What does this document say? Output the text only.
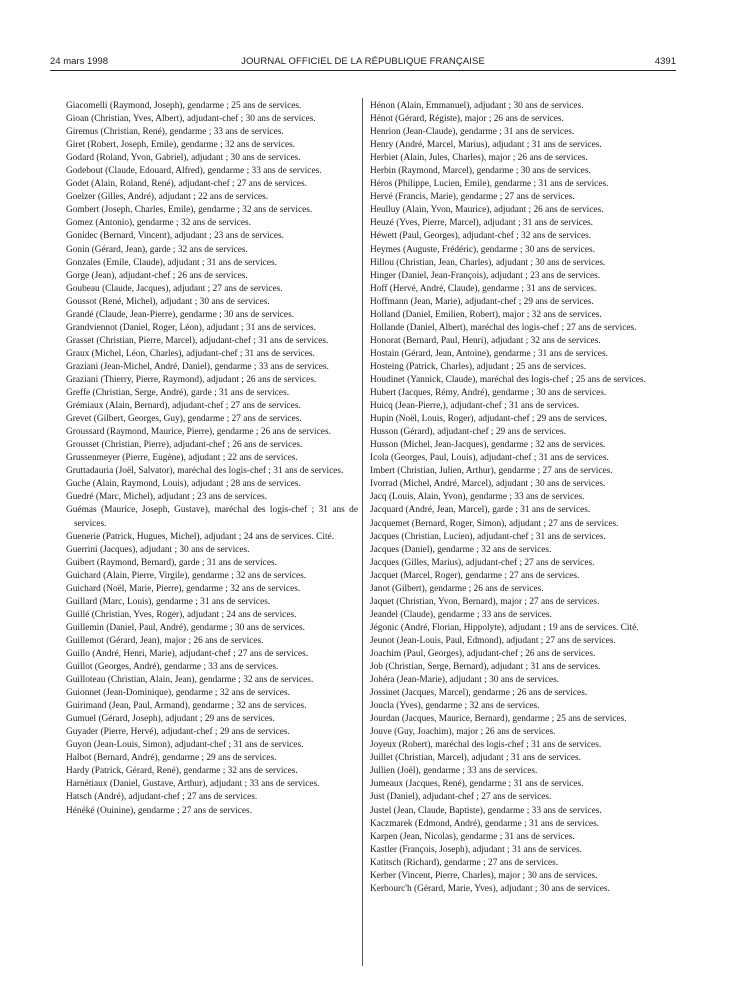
24 mars 1998	JOURNAL OFFICIEL DE LA RÉPUBLIQUE FRANÇAISE	4391

Giacomelli (Raymond, Joseph), gendarme ; 25 ans de services.

Gioan (Christian, Yves, Albert), adjudant-chef ; 30 ans de services.

Giremus (Christian, René), gendarme ; 33 ans de services.

Giret (Robert, Joseph, Emile), gendarme ; 32 ans de services.

Godard (Roland, Yvon, Gabriel), adjudant ; 30 ans de services.

Godebout (Claude, Edouard, Alfred), gendarme ; 33 ans de services.

Godet (Alain, Roland, René), adjudant-chef ; 27 ans de services.

Goelzer (Gilles, André), adjudant ; 22 ans de services.

Gombert (Joseph, Charles, Emile), gendarme ; 32 ans de services.

Gomez (Antonio), gendarme ; 32 ans de services.

Gonidec (Bernard, Vincent), adjudant ; 23 ans de services.

Gonin (Gérard, Jean), garde ; 32 ans de services.

Gonzales (Emile, Claude), adjudant ; 31 ans de services.

Gorge (Jean), adjudant-chef ; 26 ans de services.

Goubeau (Claude, Jacques), adjudant ; 27 ans de services.

Goussot (René, Michel), adjudant ; 30 ans de services.

Grandé (Claude, Jean-Pierre), gendarme ; 30 ans de services.

Grandviennot (Daniel, Roger, Léon), adjudant ; 31 ans de services.

Grasset (Christian, Pierre, Marcel), adjudant-chef ; 31 ans de services.

Graux (Michel, Léon, Charles), adjudant-chef ; 31 ans de services.

Graziani (Jean-Michel, André, Daniel), gendarme ; 33 ans de services.

Graziani (Thierry, Pierre, Raymond), adjudant ; 26 ans de services.

Greffe (Christian, Serge, André), garde ; 31 ans de services.

Grémiaux (Alain, Bernard), adjudant-chef ; 27 ans de services.

Grevet (Gilbert, Georges, Guy), gendarme ; 27 ans de services.

Groussard (Raymond, Maurice, Pierre), gendarme ; 26 ans de services.

Grousset (Christian, Pierre), adjudant-chef ; 26 ans de services.

Grussenmeyer (Pierre, Eugène), adjudant ; 22 ans de services.

Gruttadauria (Joël, Salvator), maréchal des logis-chef ; 31 ans de services.

Guche (Alain, Raymond, Louis), adjudant ; 28 ans de services.

Guedré (Marc, Michel), adjudant ; 23 ans de services.

Guémas (Maurice, Joseph, Gustave), maréchal des logis-chef ; 31 ans de services.

Guenerie (Patrick, Hugues, Michel), adjudant ; 24 ans de services. Cité.

Guerrini (Jacques), adjudant ; 30 ans de services.

Guibert (Raymond, Bernard), garde ; 31 ans de services.

Guichard (Alain, Pierre, Virgile), gendarme ; 32 ans de services.

Guichard (Noël, Marie, Pierre), gendarme ; 32 ans de services.

Guillard (Marc, Louis), gendarme ; 31 ans de services.

Guillé (Christian, Yves, Roger), adjudant ; 24 ans de services.

Guillemin (Daniel, Paul, André), gendarme ; 30 ans de services.

Guillemot (Gérard, Jean), major ; 26 ans de services.

Guillo (André, Henri, Marie), adjudant-chef ; 27 ans de services.

Guillot (Georges, André), gendarme ; 33 ans de services.

Guilloteau (Christian, Alain, Jean), gendarme ; 32 ans de services.

Guionnet (Jean-Dominique), gendarme ; 32 ans de services.

Guirimand (Jean, Paul, Armand), gendarme ; 32 ans de services.

Gumuel (Gérard, Joseph), adjudant ; 29 ans de services.

Guyader (Pierre, Hervé), adjudant-chef ; 29 ans de services.

Guyon (Jean-Louis, Simon), adjudant-chef ; 31 ans de services.

Halbot (Bernard, André), gendarme ; 29 ans de services.

Hardy (Patrick, Gérard, René), gendarme ; 32 ans de services.

Harnétiaux (Daniel, Gustave, Arthur), adjudant ; 33 ans de services.

Hatsch (André), adjudant-chef ; 27 ans de services.

Hénéké (Ouinine), gendarme ; 27 ans de services.

Hénon (Alain, Emmanuel), adjudant ; 30 ans de services.

Hénot (Gérard, Régiste), major ; 26 ans de services.

Henrion (Jean-Claude), gendarme ; 31 ans de services.

Henry (André, Marcel, Marius), adjudant ; 31 ans de services.

Herbiet (Alain, Jules, Charles), major ; 26 ans de services.

Herbin (Raymond, Marcel), gendarme ; 30 ans de services.

Héros (Philippe, Lucien, Emile), gendarme ; 31 ans de services.

Hervé (Francis, Marie), gendarme ; 27 ans de services.

Heulluy (Alain, Yvon, Maurice), adjudant ; 26 ans de services.

Heuzé (Yves, Pierre, Marcel), adjudant ; 31 ans de services.

Héwett (Paul, Georges), adjudant-chef ; 32 ans de services.

Heymes (Auguste, Frédéric), gendarme ; 30 ans de services.

Hillou (Christian, Jean, Charles), adjudant ; 30 ans de services.

Hinger (Daniel, Jean-François), adjudant ; 23 ans de services.

Hoff (Hervé, André, Claude), gendarme ; 31 ans de services.

Hoffmann (Jean, Marie), adjudant-chef ; 29 ans de services.

Holland (Daniel, Emilien, Robert), major ; 32 ans de services.

Hollande (Daniel, Albert), maréchal des logis-chef ; 27 ans de services.

Honorat (Bernard, Paul, Henri), adjudant ; 32 ans de services.

Hostain (Gérard, Jean, Antoine), gendarme ; 31 ans de services.

Hosteing (Patrick, Charles), adjudant ; 25 ans de services.

Houdinet (Yannick, Claude), maréchal des logis-chef ; 25 ans de services.

Hubert (Jacques, Rémy, André), gendarme ; 30 ans de services.

Huicq (Jean-Pierre,), adjudant-chef ; 31 ans de services.

Hupin (Noël, Louis, Roger), adjudant-chef ; 29 ans de services.

Husson (Gérard), adjudant-chef ; 29 ans de services.

Husson (Michel, Jean-Jacques), gendarme ; 32 ans de services.

Icola (Georges, Paul, Louis), adjudant-chef ; 31 ans de services.

Imbert (Christian, Julien, Arthur), gendarme ; 27 ans de services.

Ivorrad (Michel, André, Marcel), adjudant ; 30 ans de services.

Jacq (Louis, Alain, Yvon), gendarme ; 33 ans de services.

Jacquard (André, Jean, Marcel), garde ; 31 ans de services.

Jacquemet (Bernard, Roger, Simon), adjudant ; 27 ans de services.

Jacques (Christian, Lucien), adjudant-chef ; 31 ans de services.

Jacques (Daniel), gendarme ; 32 ans de services.

Jacques (Gilles, Marius), adjudant-chef ; 27 ans de services.

Jacquet (Marcel, Roger), gendarme ; 27 ans de services.

Janot (Gilbert), gendarme ; 26 ans de services.

Jaquet (Christian, Yvon, Bernard), major ; 27 ans de services.

Jeandel (Claude), gendarme ; 33 ans de services.

Jégonic (André, Florian, Hippolyte), adjudant ; 19 ans de services. Cité.

Jeunot (Jean-Louis, Paul, Edmond), adjudant ; 27 ans de services.

Joachim (Paul, Georges), adjudant-chef ; 26 ans de services.

Job (Christian, Serge, Bernard), adjudant ; 31 ans de services.

Johéra (Jean-Marie), adjudant ; 30 ans de services.

Jossinet (Jacques, Marcel), gendarme ; 26 ans de services.

Joucla (Yves), gendarme ; 32 ans de services.

Jourdan (Jacques, Maurice, Bernard), gendarme ; 25 ans de services.

Jouve (Guy, Joachim), major ; 26 ans de services.

Joyeux (Robert), maréchal des logis-chef ; 31 ans de services.

Juillet (Christian, Marcel), adjudant ; 31 ans de services.

Jullien (Joël), gendarme ; 33 ans de services.

Jumeaux (Jacques, René), gendarme ; 31 ans de services.

Just (Daniel), adjudant-chef ; 27 ans de services.

Justel (Jean, Claude, Baptiste), gendarme ; 33 ans de services.

Kaczmarek (Edmond, André), gendarme ; 31 ans de services.

Karpen (Jean, Nicolas), gendarme ; 31 ans de services.

Kastler (François, Joseph), adjudant ; 31 ans de services.

Katitsch (Richard), gendarme ; 27 ans de services.

Kerber (Vincent, Pierre, Charles), major ; 30 ans de services.

Kerbourc'h (Gérard, Marie, Yves), adjudant ; 30 ans de services.
